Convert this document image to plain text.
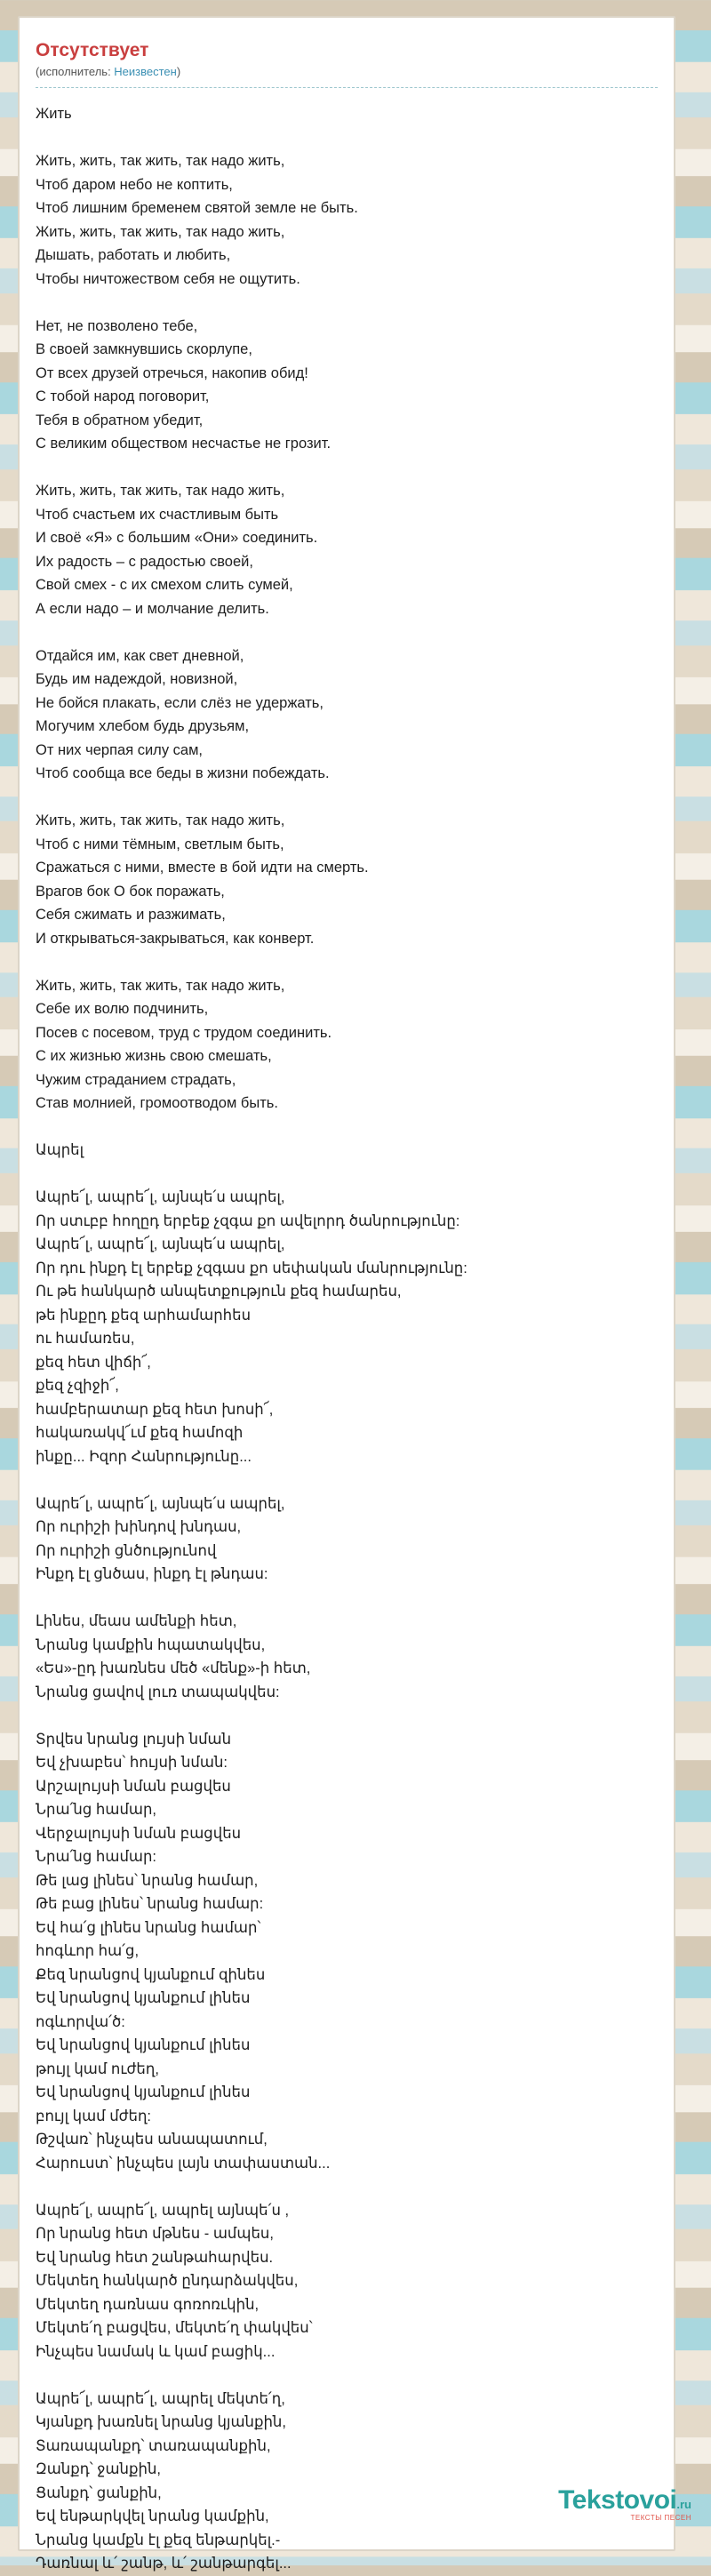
Отсутствует
(исполнитель: Неизвестен)
Жить
Жить, жить, так жить, так надо жить,
Чтоб даром небо не коптить,
Чтоб лишним бременем святой земле не быть.
Жить, жить, так жить, так надо жить,
Дышать, работать и любить,
Чтобы ничтожеством себя не ощутить.
Нет, не позволено тебе,
В своей замкнувшись скорлупе,
От всех друзей отречься, накопив обид!
С тобой народ поговорит,
Тебя в обратном убедит,
С великим обществом несчастье не грозит.
Жить, жить, так жить, так надо жить,
Чтоб счастьем их счастливым быть
И своё «Я» с большим «Они» соединить.
Их радость – с радостью своей,
Свой смех - с их смехом слить сумей,
А если надо – и молчание делить.
Отдайся им, как свет дневной,
Будь им надеждой, новизной,
Не бойся плакать, если слёз не удержать,
Могучим хлебом будь друзьям,
От них черпая силу сам,
Чтоб сообща все беды в жизни побеждать.
Жить, жить, так жить, так надо жить,
Чтоб с ними тёмным, светлым быть,
Сражаться с ними, вместе в бой идти на смерть.
Врагов бок О бок поражать,
Себя сжимать и разжимать,
И открываться-закрываться, как конверт.
Жить, жить, так жить, так надо жить,
Себе их волю подчинить,
Посев с посевом, труд с трудом соединить.
С их жизнью жизнь свою смешать,
Чужим страданием страдать,
Став молнией, громоотводом быть.
Ապրել
Ապրե՜լ, ապրե՜լ, այնպե՛ս ապրել,
Որ ստւբբ հողըդ երբեք չզգա քո ավելորդ ծանրությունը:
Ապրե՜լ, ապրե՜լ, այնպե՛ս ապրել,
Որ դու ինքդ էլ երբեք չզգաս քո սեփական մանրությունը:
Ու թե հանկարծ անպետքություն քեզ համարես,
թե ինքըդ քեզ արհամարհես
ու համառես,
քեզ հետ վիճի՜,
քեզ չզիջի՜,
համբերատար քեզ հետ խոսի՜,
հակառակվ՜ւմ քեզ համոզի
ինքը... Իզոր Հանրությունը...
Ապրե՜լ, ապրե՜լ, այնպե՛ս ապրել,
Որ ուրիշի խինդով խնդաս,
Որ ուրիշի ցնծությունով
Ինքդ էլ ցնծաս, ինքդ էլ թնդաս:
Լինես, մեաս ամենքի հետ,
Նրանց կամքին հպատակվես,
«Ես»-ըդ խառնես մեծ «մենք»-ի հետ,
Նրանց ցավով լուռ տապակվես:
Տրվես նրանց լույսի նման
Եվ չխաբես՝ հույսի նման:
Արշալույսի նման բացվես
Նրա՛նց համար,
Վերջալույսի նման բացվես
Նրա՛նց համար:
Թե լաց լինես՝ նրանց համար,
Թե բաց լինես՝ նրանց համար:
Եվ հա՛ց լինես նրանց համար՝
հոգևոր հա՛ց,
Քեզ նրանցով կյանքում զինես
Եվ նրանցով կյանքում լինես
ոգևորվա՛ծ:
Եվ նրանցով կյանքում լինես
թույլ կամ ուժեղ,
Եվ նրանցով կյանքում լինես
բույլ կամ մժեղ:
Թշվառ՝ ինչպես անապատում,
Հարուստ՝ ինչպես լայն տափաստան...
Ապրե՜լ, ապրե՜լ, ապրել այնպե՛ս ,
Որ նրանց հետ մթնես - ամպես,
Եվ նրանց հետ շանթահարվես.
Մեկտեղ հանկարծ ընդարձակվես,
Մեկտեղ դառնաս գոռոռւկին,
Մեկտե՛ղ բացվես, մեկտե՛ղ փակվես՝
Ինչպես նամակ և կամ բացիկ...
Ապրե՜լ, ապրե՜լ, ապրել մեկտե՛ղ,
Կյանքդ խառնել նրանց կյանքին,
Տառապանքդ՝ տառապանքին,
Զանքդ՝ ջանքին,
Ցանքդ՝ ցանքին,
Եվ ենթարկվել նրանց կամքին,
Նրանց կամքն էլ քեզ ենթարկել.-
Դառնալ և՛ շանթ, և՛ շանթարգել...
Tekstovoi.ru
ТЕКСТЫ ПЕСЕН
